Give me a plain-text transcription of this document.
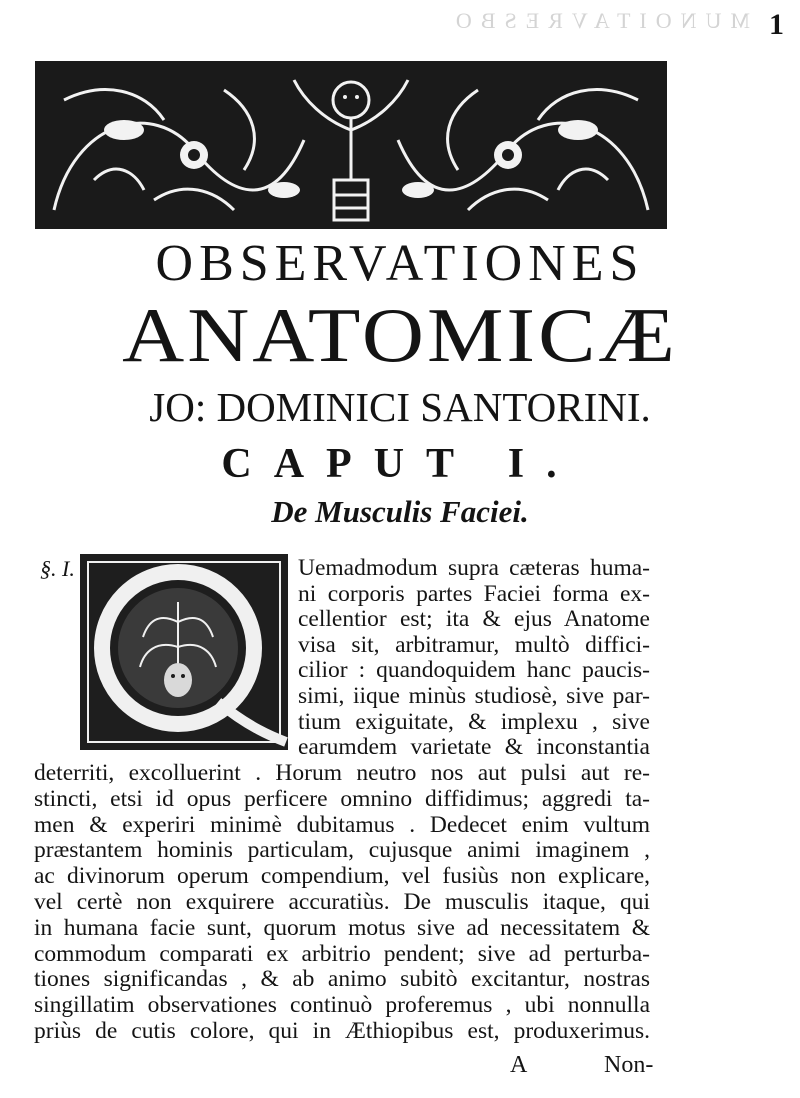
MUNOITAVRESBO 1
OBSERVATIONES
ANATOMICÆ
JO: DOMINICI SANTORINI.
CAPUT I.
De Musculis Faciei.
§. I.	Uemadmodum supra cæteras huma-
ni corporis partes Faciei forma ex-
cellentior est; ita & ejus Anatome
visa sit, arbitramur, multò diffici-
cilior : quandoquidem hanc paucis-
simi, iique minùs studiosè, sive par-
tium exiguitate, & implexu , sive
earumdem varietate & inconstantia
deterriti, excolluerint . Horum neutro nos aut pulsi aut re-
stincti, etsi id opus perficere omnino diffidimus; aggredi ta-
men & experiri minimè dubitamus . Dedecet enim vultum
præstantem hominis particulam, cujusque animi imaginem ,
ac divinorum operum compendium, vel fusiùs non explicare,
vel certè non exquirere accuratiùs. De musculis itaque, qui
in humana facie sunt, quorum motus sive ad necessitatem &
commodum comparati ex arbitrio pendent; sive ad perturba-
tiones significandas , & ab animo subitò excitantur, nostras
singillatim observationes continuò proferemus , ubi nonnulla
priùs de cutis colore, qui in Æthiopibus est, produxerimus.
A	Non-
